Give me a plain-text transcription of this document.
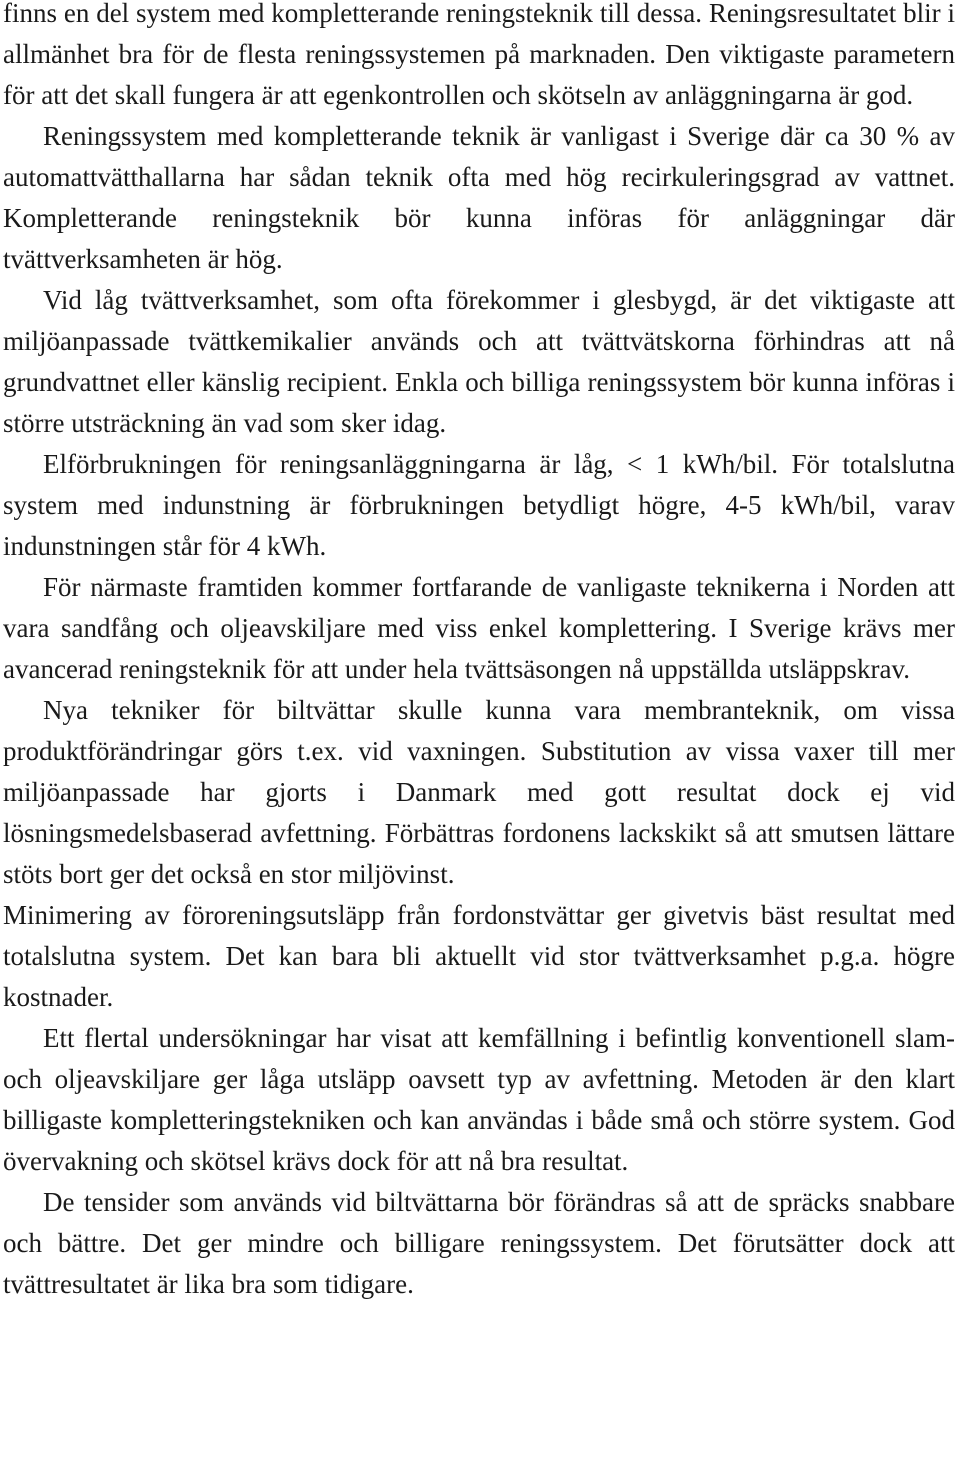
finns en del system med kompletterande reningsteknik till dessa. Reningsresultatet blir i allmänhet bra för de flesta reningssystemen på marknaden. Den viktigaste parametern för att det skall fungera är att egenkontrollen och skötseln av anläggningarna är god.

Reningssystem med kompletterande teknik är vanligast i Sverige där ca 30 % av automattvätthallarna har sådan teknik ofta med hög recirkuleringsgrad av vattnet. Kompletterande reningsteknik bör kunna införas för anläggningar där tvättverksamheten är hög.

Vid låg tvättverksamhet, som ofta förekommer i glesbygd, är det viktigaste att miljöanpassade tvättkemikalier används och att tvättvätskorna förhindras att nå grundvattnet eller känslig recipient. Enkla och billiga reningssystem bör kunna införas i större utsträckning än vad som sker idag.

Elförbrukningen för reningsanläggningarna är låg, < 1 kWh/bil. För totalslutna system med indunstning är förbrukningen betydligt högre, 4-5 kWh/bil, varav indunstningen står för 4 kWh.

För närmaste framtiden kommer fortfarande de vanligaste teknikerna i Norden att vara sandfång och oljeavskiljare med viss enkel komplettering. I Sverige krävs mer avancerad reningsteknik för att under hela tvättsäsongen nå uppställda utsläppskrav.

Nya tekniker för biltvättar skulle kunna vara membranteknik, om vissa produktförändringar görs t.ex. vid vaxningen. Substitution av vissa vaxer till mer miljöanpassade har gjorts i Danmark med gott resultat dock ej vid lösningsmedelsbaserad avfettning. Förbättras fordonens lackskikt så att smutsen lättare stöts bort ger det också en stor miljövinst.

Minimering av föroreningsutsläpp från fordonstvättar ger givetvis bäst resultat med totalslutna system. Det kan bara bli aktuellt vid stor tvättverksamhet p.g.a. högre kostnader.

Ett flertal undersökningar har visat att kemfällning i befintlig konventionell slam- och oljeavskiljare ger låga utsläpp oavsett typ av avfettning. Metoden är den klart billigaste kompletteringstekniken och kan användas i både små och större system. God övervakning och skötsel krävs dock för att nå bra resultat.

De tensider som används vid biltvättarna bör förändras så att de spräcks snabbare och bättre. Det ger mindre och billigare reningssystem. Det förutsätter dock att tvättresultatet är lika bra som tidigare.
